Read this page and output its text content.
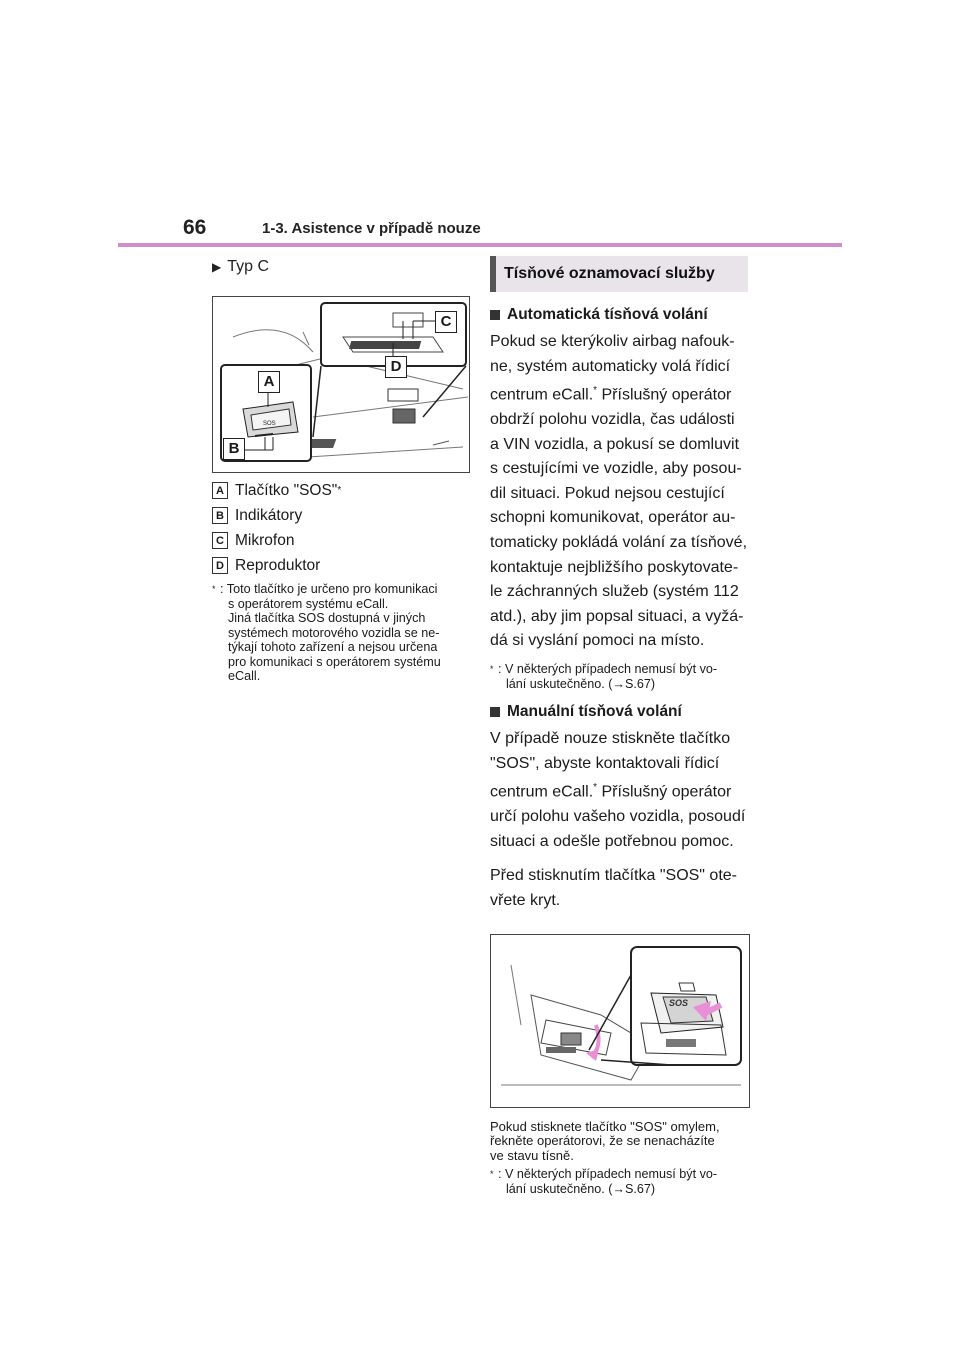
66	1-3. Asistence v případě nouze
▶ Typ C
SOS
A
B
C
D
A Tlačítko "SOS" *
B Indikátory
C Mikrofon
D Reproduktor
* : Toto tlačítko je určeno pro komunikaci
s operátorem systému eCall.
Jiná tlačítka SOS dostupná v jiných
systémech motorového vozidla se ne-
týkají tohoto zařízení a nejsou určena
pro komunikaci s operátorem systému
eCall.
Tísňové oznamovací služby
Automatická tísňová volání
Pokud se kterýkoliv airbag nafouk-
ne, systém automaticky volá řídicí
centrum eCall.* Příslušný operátor
obdrží polohu vozidla, čas události
a VIN vozidla, a pokusí se domluvit
s cestujícími ve vozidle, aby posou-
dil situaci. Pokud nejsou cestující
schopni komunikovat, operátor au-
tomaticky pokládá volání za tísňové,
kontaktuje nejbližšího poskytovate-
le záchranných služeb (systém 112
atd.), aby jim popsal situaci, a vyžá-
dá si vyslání pomoci na místo.
* : V některých případech nemusí být vo-
lání uskutečněno. (→S.67)
Manuální tísňová volání
V případě nouze stiskněte tlačítko
"SOS", abyste kontaktovali řídicí
centrum eCall.* Příslušný operátor
určí polohu vašeho vozidla, posoudí
situaci a odešle potřebnou pomoc.
Před stisknutím tlačítka "SOS" ote-
vřete kryt.
SOS
Pokud stisknete tlačítko "SOS" omylem,
řekněte operátorovi, že se nenacházíte
ve stavu tísně.
* : V některých případech nemusí být vo-
lání uskutečněno. (→S.67)
